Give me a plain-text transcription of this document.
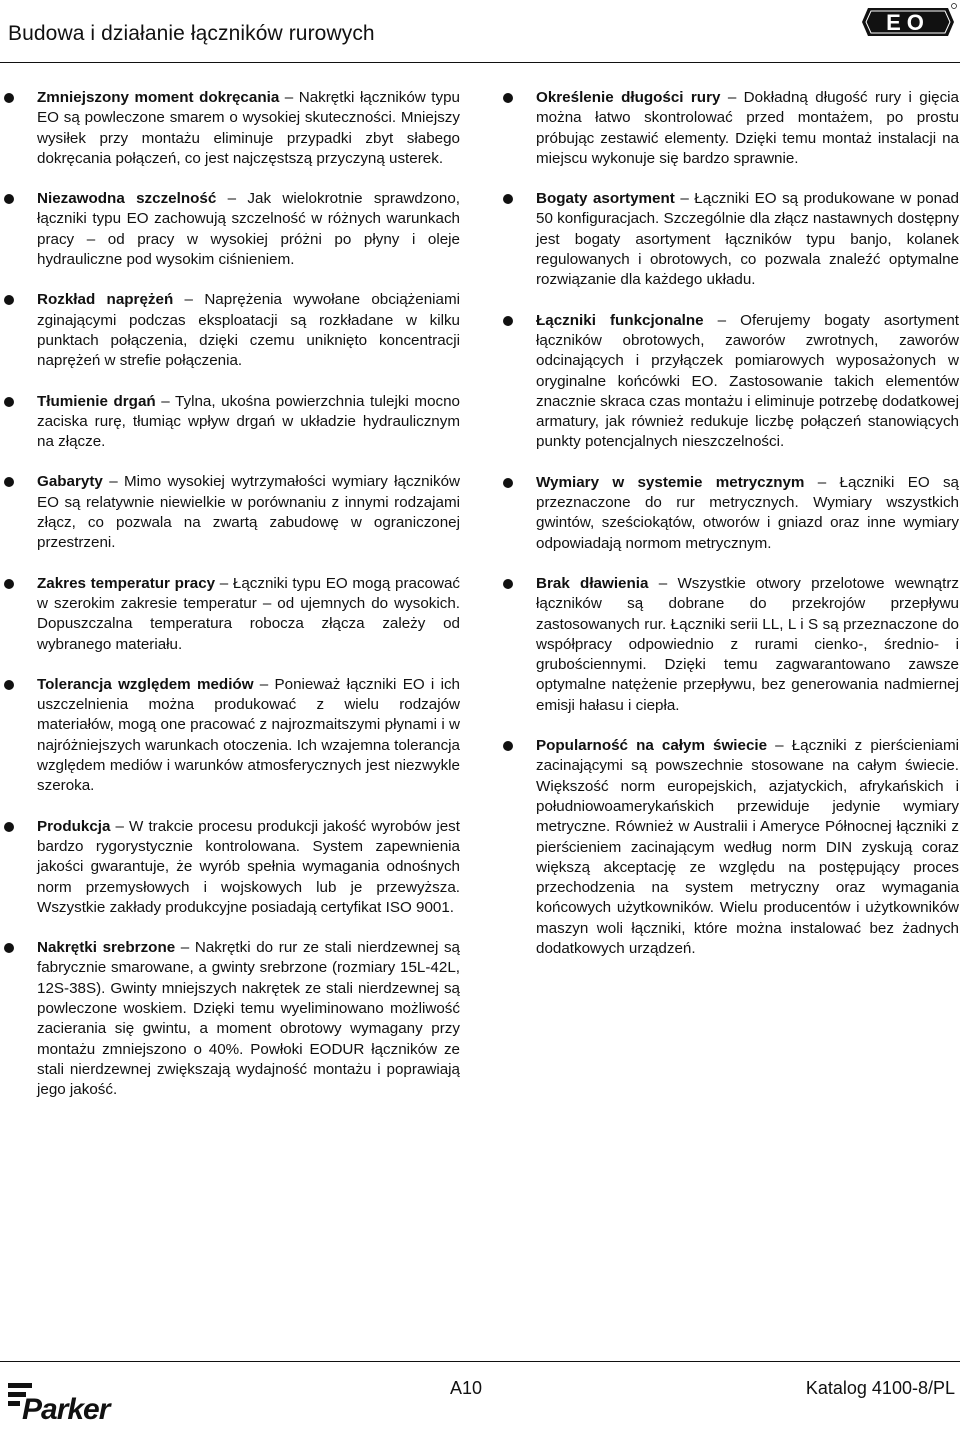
Budowa i działanie łączników rurowych	EO
Zmniejszony moment dokręcania – Nakrętki łączników typu EO są powleczone smarem o wysokiej skuteczności. Mniejszy wysiłek przy montażu eliminuje przypadki zbyt słabego dokręcania połączeń, co jest najczęstszą przyczyną usterek.
Niezawodna szczelność – Jak wielokrotnie sprawdzono, łączniki typu EO zachowują szczelność w różnych warunkach pracy – od pracy w wysokiej próżni po płyny i oleje hydrauliczne pod wysokim ciśnieniem.
Rozkład naprężeń – Naprężenia wywołane obciążeniami zginającymi podczas eksploatacji są rozkładane w kilku punktach połączenia, dzięki czemu uniknięto koncentracji naprężeń w strefie połączenia.
Tłumienie drgań – Tylna, ukośna powierzchnia tulejki mocno zaciska rurę, tłumiąc wpływ drgań w układzie hydraulicznym na złącze.
Gabaryty – Mimo wysokiej wytrzymałości wymiary łączników EO są relatywnie niewielkie w porównaniu z innymi rodzajami złącz, co pozwala na zwartą zabudowę w ograniczonej przestrzeni.
Zakres temperatur pracy – Łączniki typu EO mogą pracować w szerokim zakresie temperatur – od ujemnych do wysokich. Dopuszczalna temperatura roboczа złącza zależy od wybranego materiału.
Tolerancja względem mediów – Ponieważ łączniki EO i ich uszczelnienia można produkować z wielu rodzajów materiałów, mogą one pracować z najrozmaitszymi płynami i w najróżniejszych warunkach otoczenia. Ich wzajemna tolerancja względem mediów i warunków atmosferycznych jest niezwykle szeroka.
Produkcja – W trakcie procesu produkcji jakość wyrobów jest bardzo rygorystycznie kontrolowana. System zapewnienia jakości gwarantuje, że wyrób spełnia wymagania odnośnych norm przemysłowych i wojskowych lub je przewyższa. Wszystkie zakłady produkcyjne posiadają certyfikat ISO 9001.
Nakrętki srebrzone – Nakrętki do rur ze stali nierdzewnej są fabrycznie smarowane, a gwinty srebrzone (rozmiary 15L-42L, 12S-38S). Gwinty mniejszych nakrętek ze stali nierdzewnej są powleczone woskiem. Dzięki temu wyeliminowano możliwość zacierania się gwintu, a moment obrotowy wymagany przy montażu zmniejszono o 40%. Powłoki EODUR łączników ze stali nierdzewnej zwiększają wydajność montażu i poprawiają jego jakość.
Określenie długości rury – Dokładną długość rury i gięcia można łatwo skontrolować przed montażem, po prostu próbując zestawić elementy. Dzięki temu montaż instalacji na miejscu wykonuje się bardzo sprawnie.
Bogaty asortyment – Łączniki EO są produkowane w ponad 50 konfiguracjach. Szczególnie dla złącz nastawnych dostępny jest bogaty asortyment łączników typu banjo, kolanek regulowanych i obrotowych, co pozwala znaleźć optymalne rozwiązanie dla każdego układu.
Łączniki funkcjonalne – Oferujemy bogaty asortyment łączników obrotowych, zaworów zwrotnych, zaworów odcinających i przyłączek pomiarowych wyposażonych w oryginalne końcówki EO. Zastosowanie takich elementów znacznie skraca czas montażu i eliminuje potrzebę dodatkowej armatury, jak również redukuje liczbę połączeń stanowiących punkty potencjalnych nieszczelności.
Wymiary w systemie metrycznym – Łączniki EO są przeznaczone do rur metrycznych. Wymiary wszystkich gwintów, sześciokątów, otworów i gniazd oraz inne wymiary odpowiadają normom metrycznym.
Brak dławienia – Wszystkie otwory przelotowe wewnątrz łączników są dobrane do przekrojów przepływu zastosowanych rur. Łączniki serii LL, L i S są przeznaczone do współpracy odpowiednio z rurami cienko-, średnio- i grubościennymi. Dzięki temu zagwarantowano zawsze optymalne natężenie przepływu, bez generowania nadmiernej emisji hałasu i ciepła.
Popularność na całym świecie – Łączniki z pierścieniami zacinającymi są powszechnie stosowane na całym świecie. Większość norm europejskich, azjatyckich, afrykańskich i południowoamerykańskich przewiduje jedynie wymiary metryczne. Również w Australii i Ameryce Północnej łączniki z pierścieniem zacinającym według norm DIN zyskują coraz większą akceptację ze względu na postępujący proces przechodzenia na system metryczny oraz wymagania końcowych użytkowników. Wielu producentów i użytkowników maszyn woli łączniki, które można instalować bez żadnych dodatkowych urządzeń.
Parker
A10	Katalog 4100-8/PL
